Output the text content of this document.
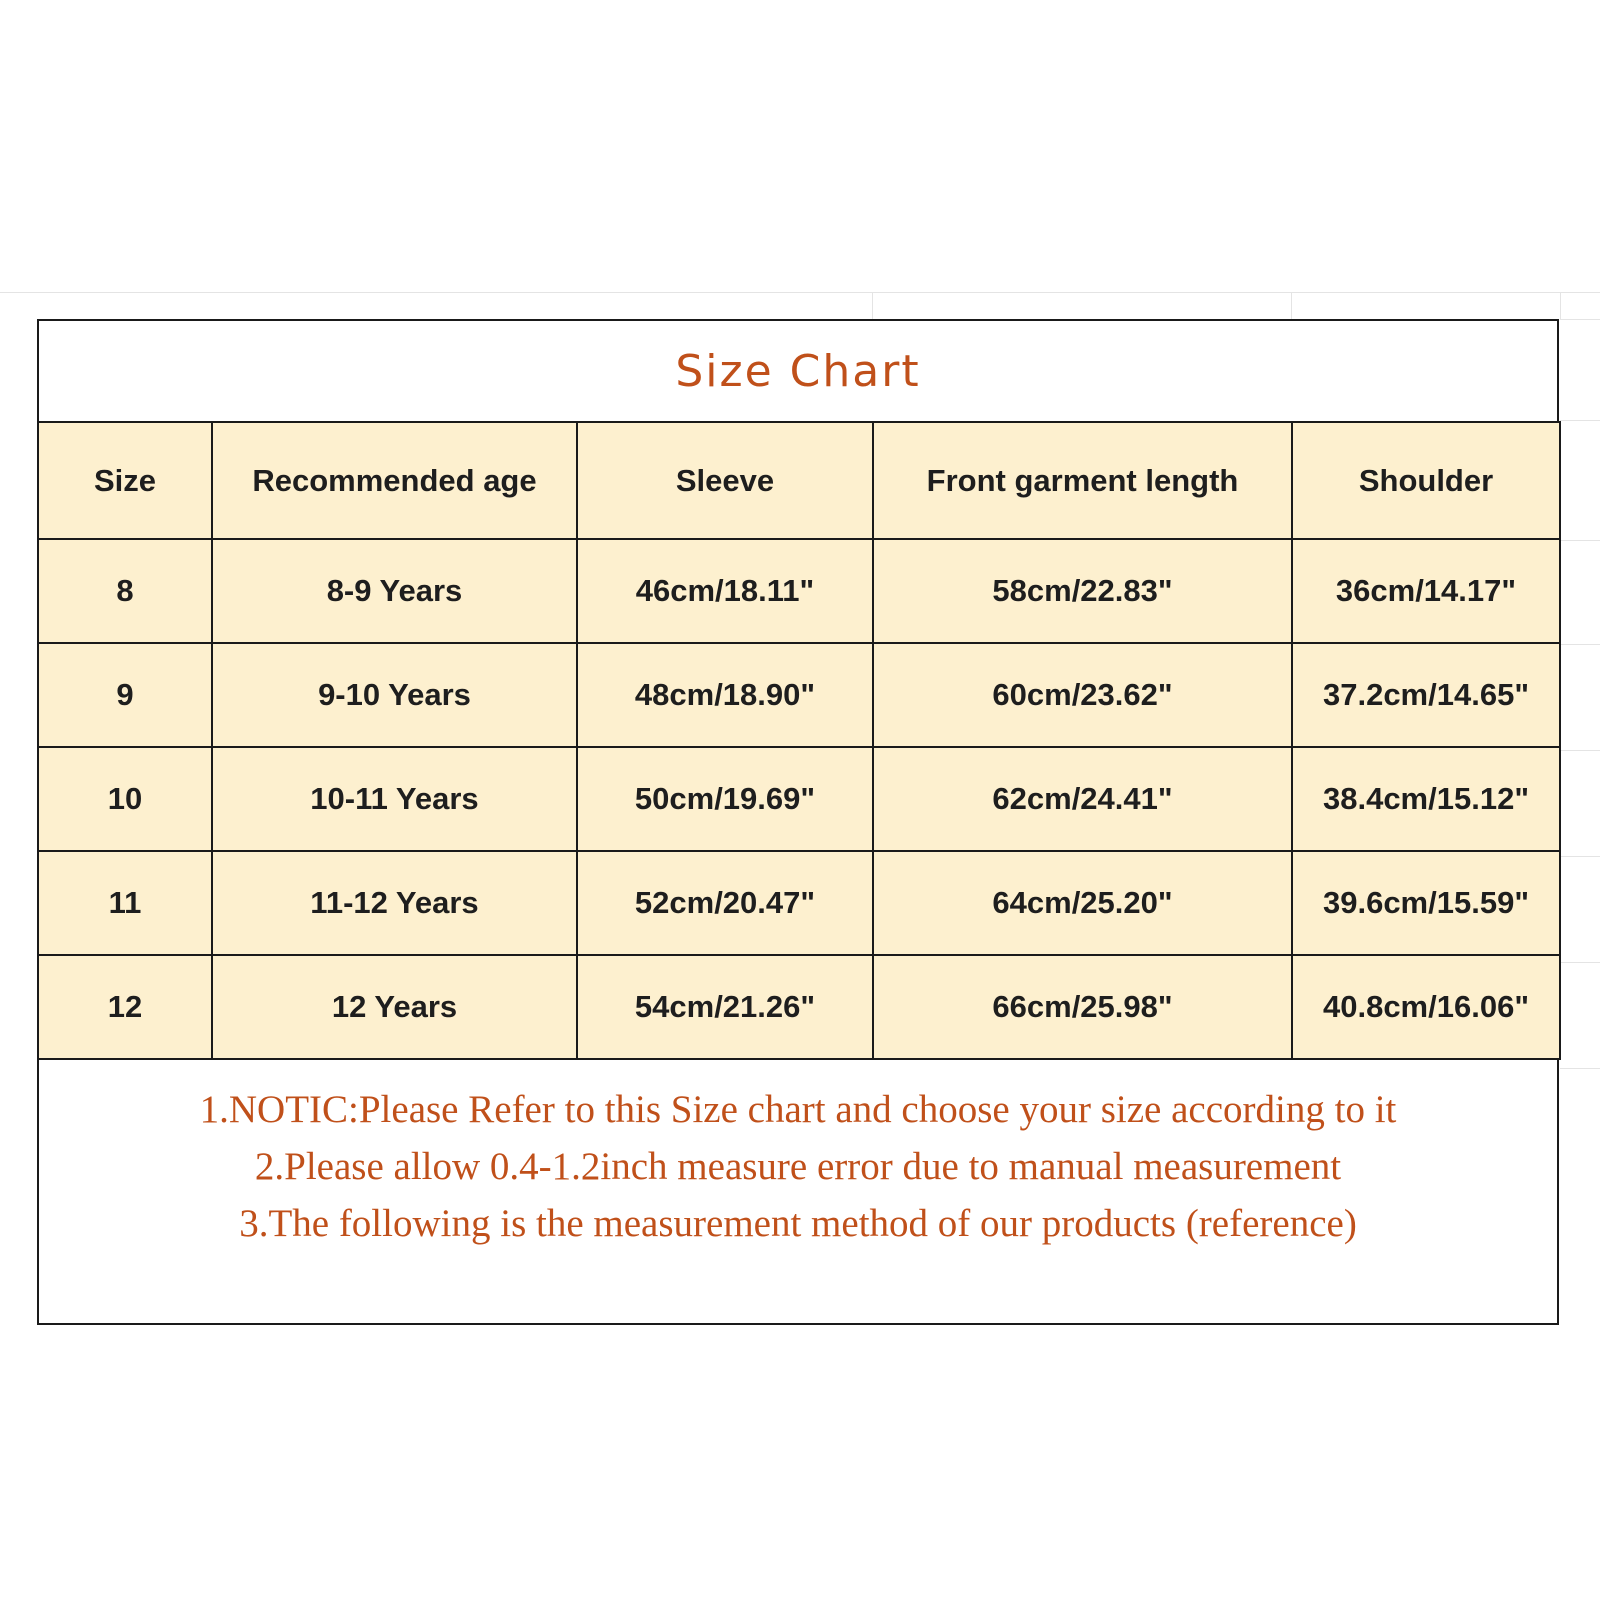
Size Chart
Size	Recommended age	Sleeve	Front garment length	Shoulder
8	8-9 Years	46cm/18.11"	58cm/22.83"	36cm/14.17"
9	9-10 Years	48cm/18.90"	60cm/23.62"	37.2cm/14.65"
10	10-11 Years	50cm/19.69"	62cm/24.41"	38.4cm/15.12"
11	11-12 Years	52cm/20.47"	64cm/25.20"	39.6cm/15.59"
12	12 Years	54cm/21.26"	66cm/25.98"	40.8cm/16.06"
1.NOTIC:Please Refer to this Size chart and choose your size according to it
2.Please allow 0.4-1.2inch measure error due to manual measurement
3.The following is the measurement method of our products (reference)
